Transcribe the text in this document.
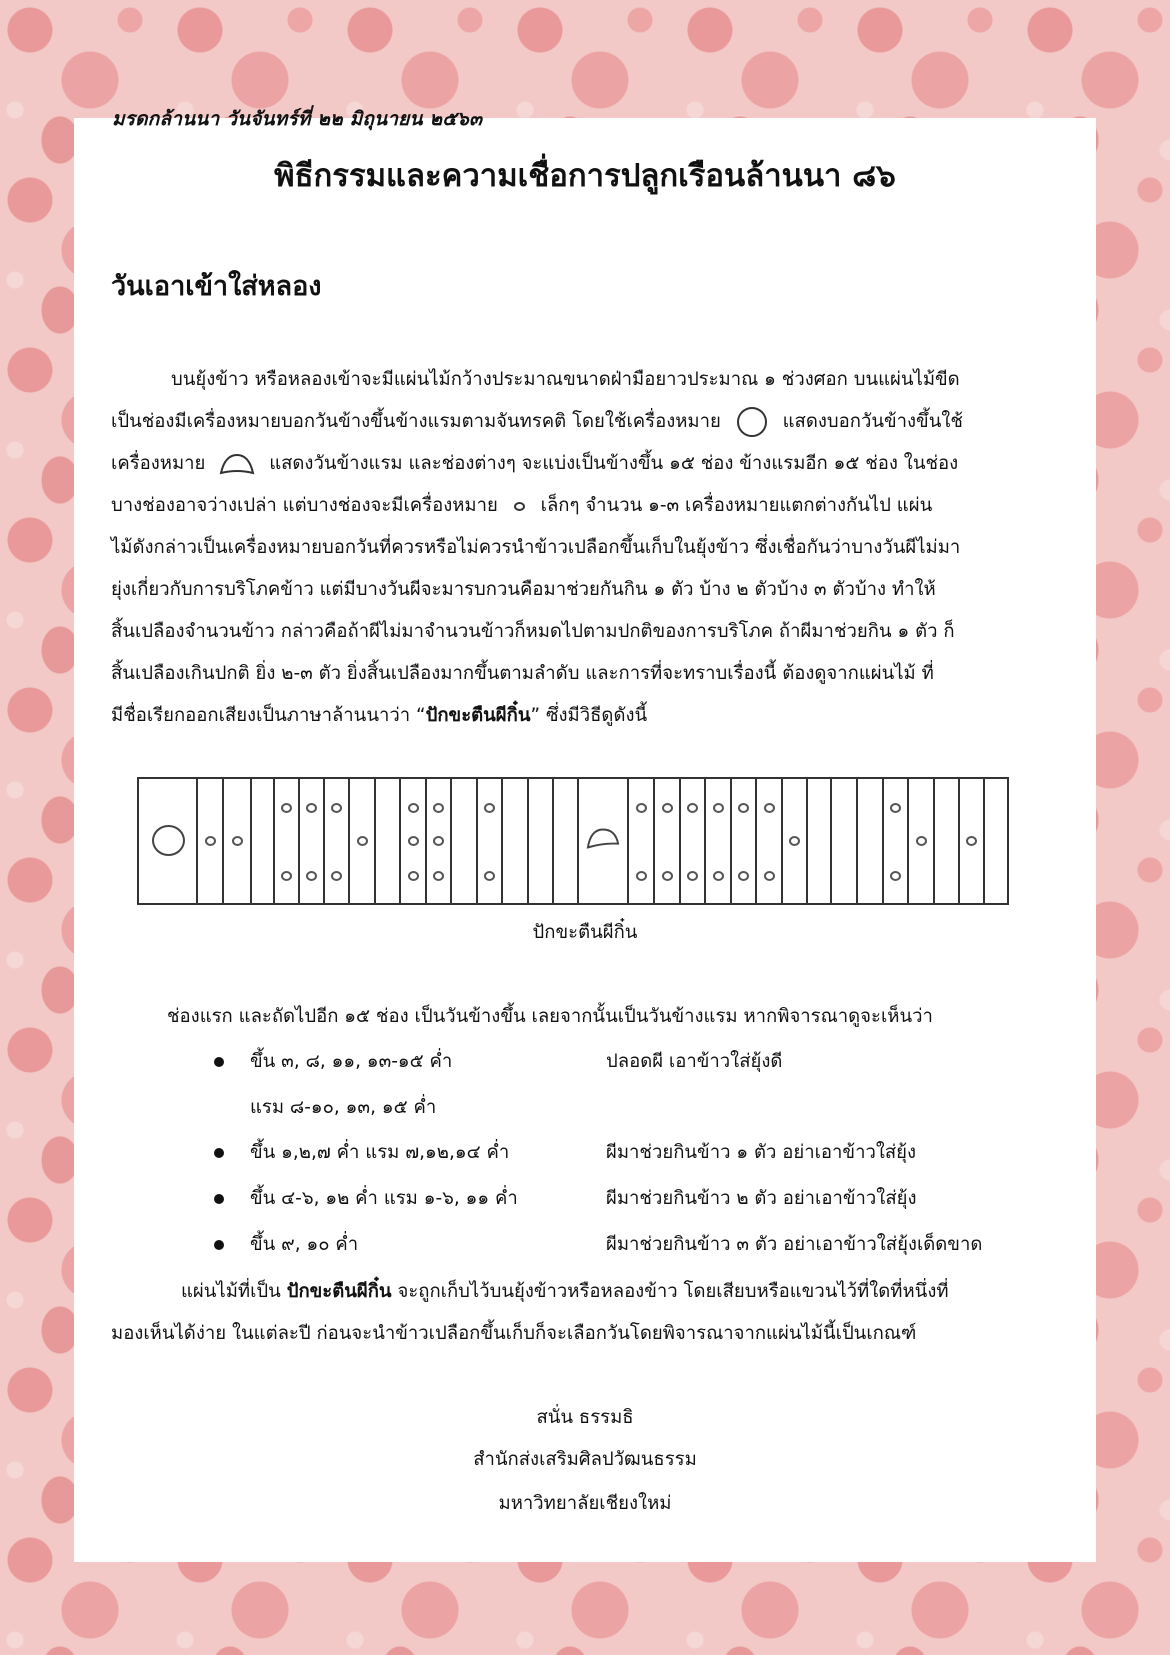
มรดกล้านนา วันจันทร์ที่ ๒๒ มิถุนายน ๒๕๖๓
พิธีกรรมและความเชื่อการปลูกเรือนล้านนา ๘๖
วันเอาเข้าใส่หลอง
บนยุ้งข้าว หรือหลองเข้าจะมีแผ่นไม้กว้างประมาณขนาดฝ่ามือยาวประมาณ ๑ ช่วงศอก บนแผ่นไม้ขีด
เป็นช่องมีเครื่องหมายบอกวันข้างขึ้นข้างแรมตามจันทรคติ โดยใช้เครื่องหมาย	แสดงบอกวันข้างขึ้นใช้
เครื่องหมาย	แสดงวันข้างแรม และช่องต่างๆ จะแบ่งเป็นข้างขึ้น ๑๕ ช่อง ข้างแรมอีก ๑๕ ช่อง ในช่อง
บางช่องอาจว่างเปล่า แต่บางช่องจะมีเครื่องหมาย เล็กๆ จำนวน ๑-๓ เครื่องหมายแตกต่างกันไป แผ่น
ไม้ดังกล่าวเป็นเครื่องหมายบอกวันที่ควรหรือไม่ควรนำข้าวเปลือกขึ้นเก็บในยุ้งข้าว ซึ่งเชื่อกันว่าบางวันผีไม่มา
ยุ่งเกี่ยวกับการบริโภคข้าว แต่มีบางวันผีจะมารบกวนคือมาช่วยกันกิน ๑ ตัว บ้าง ๒ ตัวบ้าง ๓ ตัวบ้าง ทำให้
สิ้นเปลืองจำนวนข้าว กล่าวคือถ้าผีไม่มาจำนวนข้าวก็หมดไปตามปกติของการบริโภค ถ้าผีมาช่วยกิน ๑ ตัว ก็
สิ้นเปลืองเกินปกติ ยิ่ง ๒-๓ ตัว ยิ่งสิ้นเปลืองมากขึ้นตามลำดับ และการที่จะทราบเรื่องนี้ ต้องดูจากแผ่นไม้ ที่
มีชื่อเรียกออกเสียงเป็นภาษาล้านนาว่า “ปักขะตืนผีกิ๋น” ซึ่งมีวิธีดูดังนี้
ปักขะตืนผีกิ๋น
ช่องแรก และถัดไปอีก ๑๕ ช่อง เป็นวันข้างขึ้น เลยจากนั้นเป็นวันข้างแรม หากพิจารณาดูจะเห็นว่า
ขึ้น ๓, ๘, ๑๑, ๑๓-๑๕ ค่ำ	ปลอดผี เอาข้าวใส่ยุ้งดี
แรม ๘-๑๐, ๑๓, ๑๕ ค่ำ
ขึ้น ๑,๒,๗ ค่ำ แรม ๗,๑๒,๑๔ ค่ำ	ผีมาช่วยกินข้าว ๑ ตัว อย่าเอาข้าวใส่ยุ้ง
ขึ้น ๔-๖, ๑๒ ค่ำ แรม ๑-๖, ๑๑ ค่ำ	ผีมาช่วยกินข้าว ๒ ตัว อย่าเอาข้าวใส่ยุ้ง
ขึ้น ๙, ๑๐ ค่ำ	ผีมาช่วยกินข้าว ๓ ตัว อย่าเอาข้าวใส่ยุ้งเด็ดขาด
แผ่นไม้ที่เป็น ปักขะตืนผีกิ๋น จะถูกเก็บไว้บนยุ้งข้าวหรือหลองข้าว โดยเสียบหรือแขวนไว้ที่ใดที่หนึ่งที่
มองเห็นได้ง่าย ในแต่ละปี ก่อนจะนำข้าวเปลือกขึ้นเก็บก็จะเลือกวันโดยพิจารณาจากแผ่นไม้นี้เป็นเกณฑ์
สนั่น ธรรมธิ
สำนักส่งเสริมศิลปวัฒนธรรม
มหาวิทยาลัยเชียงใหม่
